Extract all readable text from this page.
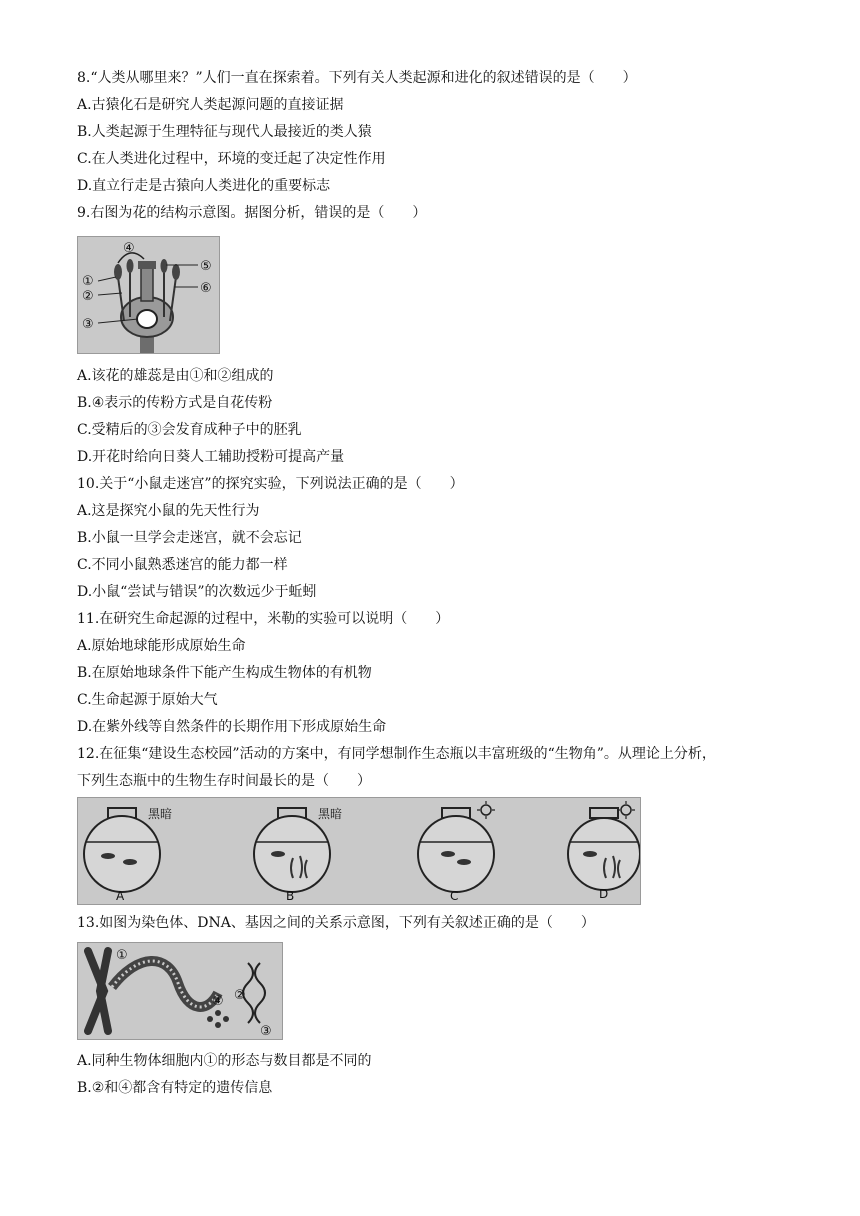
8.“人类从哪里来？”人们一直在探索着。下列有关人类起源和进化的叙述错误的是（　　）
A.古猿化石是研究人类起源问题的直接证据
B.人类起源于生理特征与现代人最接近的类人猿
C.在人类进化过程中，环境的变迁起了决定性作用
D.直立行走是古猿向人类进化的重要标志
9.右图为花的结构示意图。据图分析，错误的是（　　）
①
②
③
④
⑤
⑥
A.该花的雄蕊是由①和②组成的
B.④表示的传粉方式是自花传粉
C.受精后的③会发育成种子中的胚乳
D.开花时给向日葵人工辅助授粉可提高产量
10.关于“小鼠走迷宫”的探究实验，下列说法正确的是（　　）
A.这是探究小鼠的先天性行为
B.小鼠一旦学会走迷宫，就不会忘记
C.不同小鼠熟悉迷宫的能力都一样
D.小鼠“尝试与错误”的次数远少于蚯蚓
11.在研究生命起源的过程中，米勒的实验可以说明（　　）
A.原始地球能形成原始生命
B.在原始地球条件下能产生构成生物体的有机物
C.生命起源于原始大气
D.在紫外线等自然条件的长期作用下形成原始生命
12.在征集“建设生态校园”活动的方案中，有同学想制作生态瓶以丰富班级的“生物角”。从理论上分析，
下列生态瓶中的生物生存时间最长的是（　　）
黑暗
A
黑暗
B	C	D
13.如图为染色体、DNA、基因之间的关系示意图，下列有关叙述正确的是（　　）
①
②
③
④
A.同种生物体细胞内①的形态与数目都是不同的
B.②和④都含有特定的遗传信息
